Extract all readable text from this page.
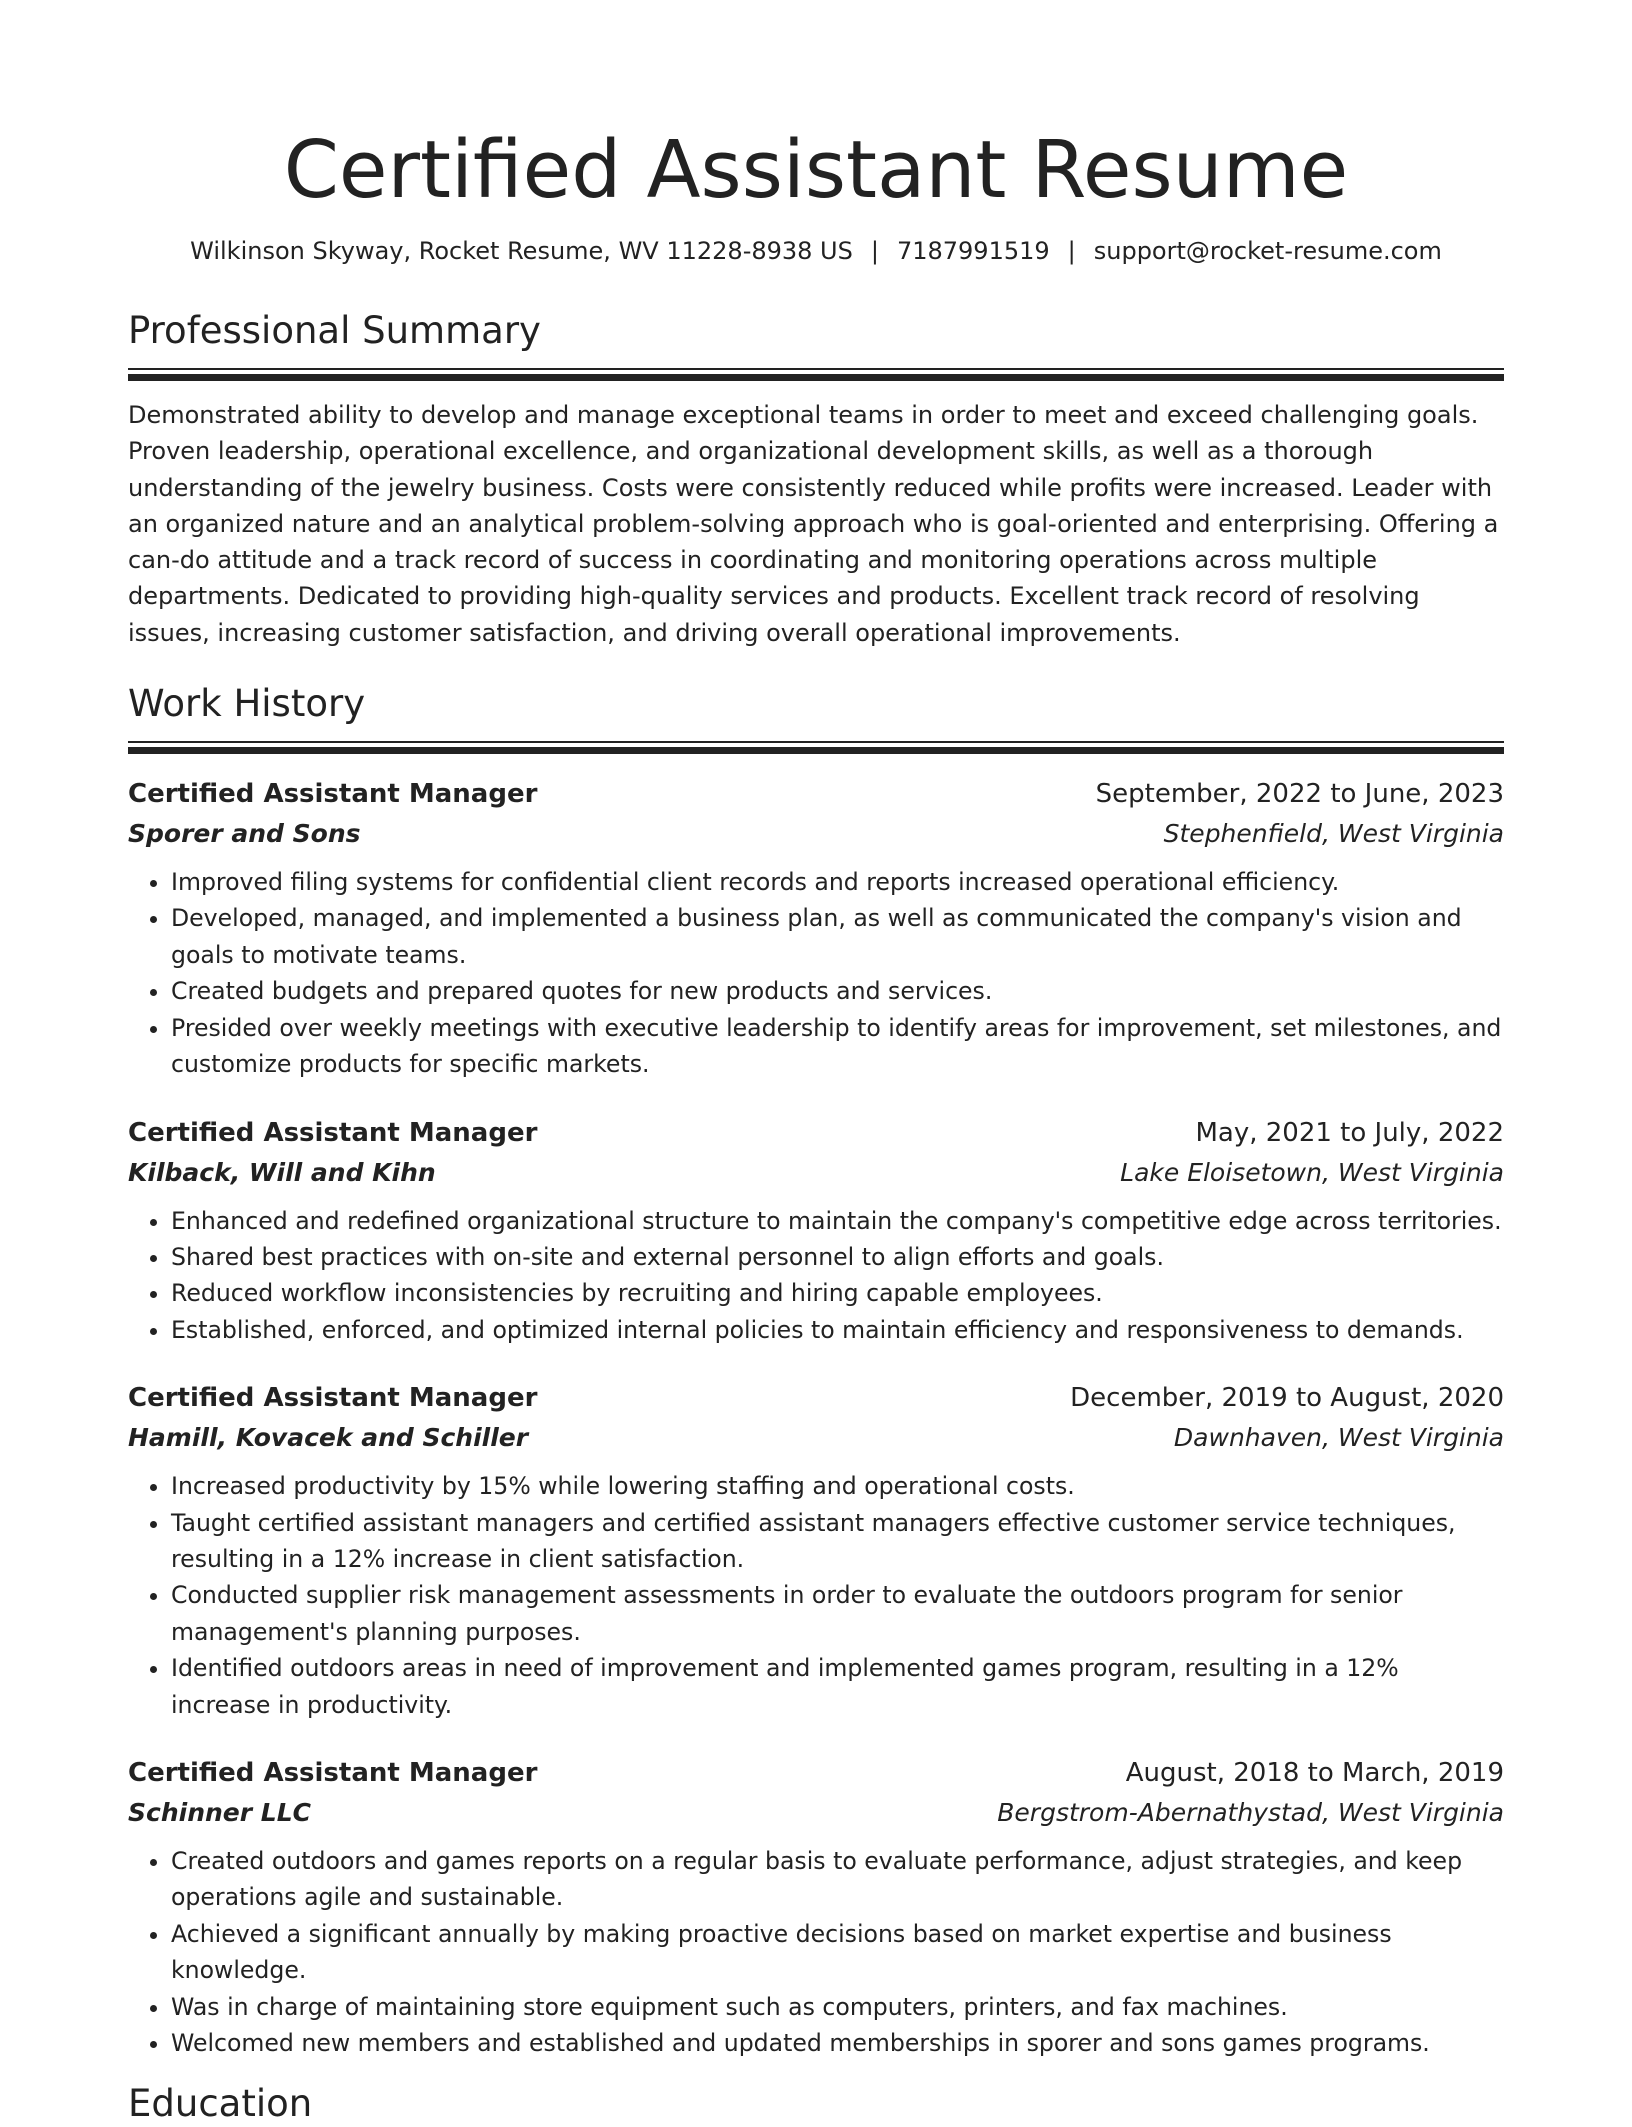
Certified Assistant Resume
Wilkinson Skyway, Rocket Resume, WV 11228-8938 US | 7187991519 | support@rocket-resume.com
Professional Summary

Demonstrated ability to develop and manage exceptional teams in order to meet and exceed challenging goals. Proven leadership, operational excellence, and organizational development skills, as well as a thorough understanding of the jewelry business. Costs were consistently reduced while profits were increased. Leader with an organized nature and an analytical problem-solving approach who is goal-oriented and enterprising. Offering a can-do attitude and a track record of success in coordinating and monitoring operations across multiple departments. Dedicated to providing high-quality services and products. Excellent track record of resolving issues, increasing customer satisfaction, and driving overall operational improvements.

Work History
Certified Assistant Manager	September, 2022 to June, 2023
Sporer and Sons	Stephenfield, West Virginia
• Improved filing systems for confidential client records and reports increased operational efficiency.
• Developed, managed, and implemented a business plan, as well as communicated the company's vision and goals to motivate teams.
• Created budgets and prepared quotes for new products and services.
• Presided over weekly meetings with executive leadership to identify areas for improvement, set milestones, and customize products for specific markets.
Certified Assistant Manager	May, 2021 to July, 2022
Kilback, Will and Kihn	Lake Eloisetown, West Virginia
• Enhanced and redefined organizational structure to maintain the company's competitive edge across territories.
• Shared best practices with on-site and external personnel to align efforts and goals.
• Reduced workflow inconsistencies by recruiting and hiring capable employees.
• Established, enforced, and optimized internal policies to maintain efficiency and responsiveness to demands.
Certified Assistant Manager	December, 2019 to August, 2020
Hamill, Kovacek and Schiller	Dawnhaven, West Virginia
• Increased productivity by 15% while lowering staffing and operational costs.
• Taught certified assistant managers and certified assistant managers effective customer service techniques, resulting in a 12% increase in client satisfaction.
• Conducted supplier risk management assessments in order to evaluate the outdoors program for senior management's planning purposes.
• Identified outdoors areas in need of improvement and implemented games program, resulting in a 12% increase in productivity.
Certified Assistant Manager	August, 2018 to March, 2019
Schinner LLC	Bergstrom-Abernathystad, West Virginia
• Created outdoors and games reports on a regular basis to evaluate performance, adjust strategies, and keep operations agile and sustainable.
• Achieved a significant annually by making proactive decisions based on market expertise and business knowledge.
• Was in charge of maintaining store equipment such as computers, printers, and fax machines.
• Welcomed new members and established and updated memberships in sporer and sons games programs.
Education
